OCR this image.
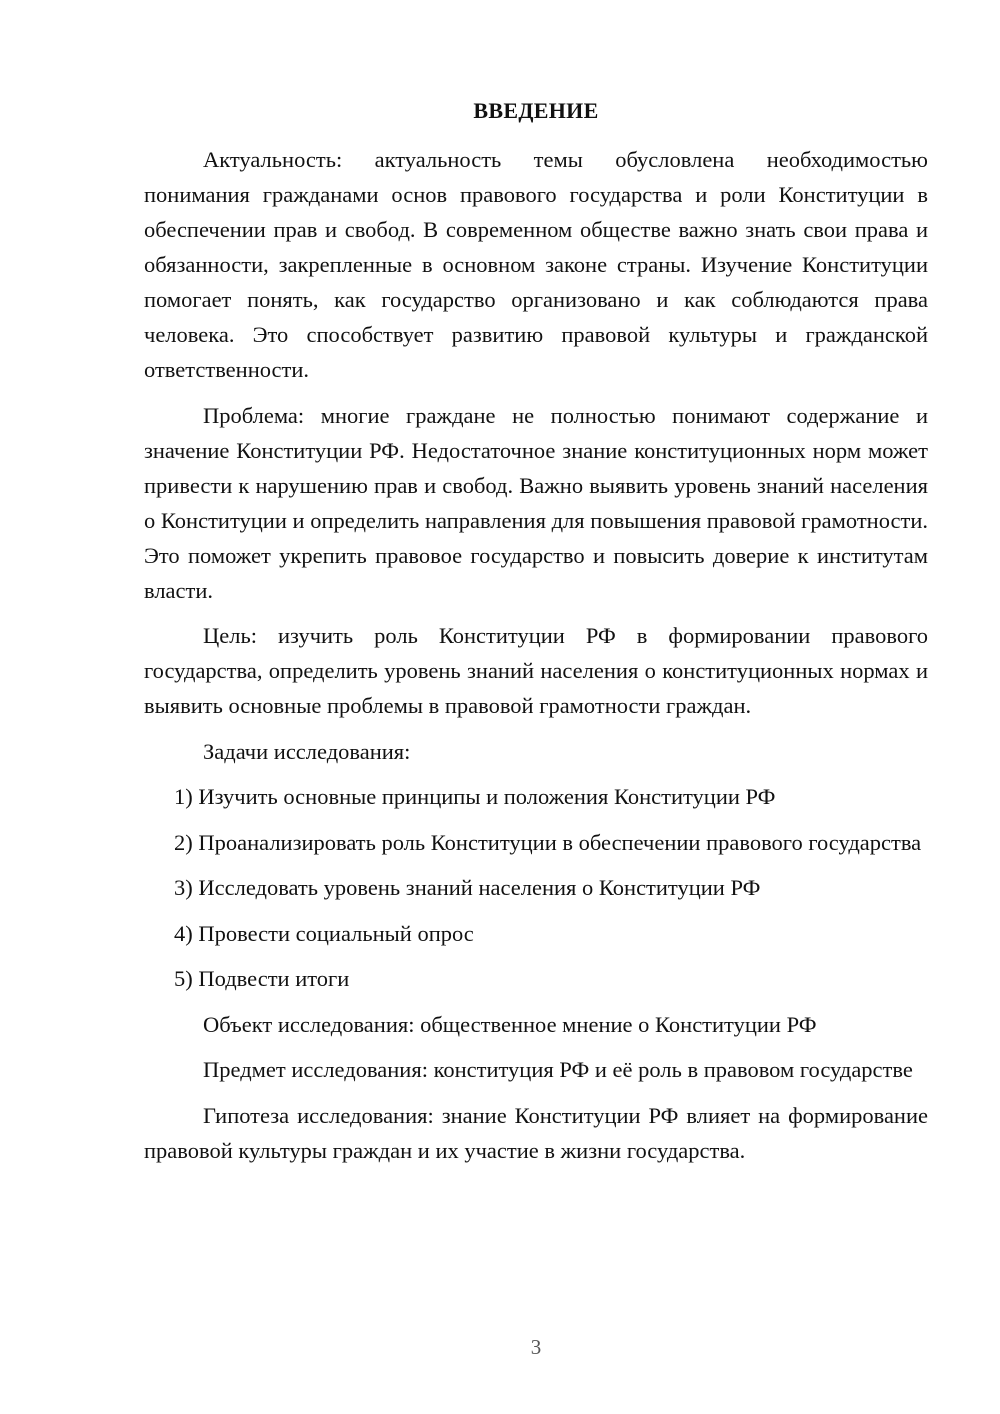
ВВЕДЕНИЕ

Актуальность: актуальность темы обусловлена необходимостью понимания гражданами основ правового государства и роли Конституции в обеспечении прав и свобод. В современном обществе важно знать свои права и обязанности, закрепленные в основном законе страны. Изучение Конституции помогает понять, как государство организовано и как соблюдаются права человека. Это способствует развитию правовой культуры и гражданской ответственности.

Проблема: многие граждане не полностью понимают содержание и значение Конституции РФ. Недостаточное знание конституционных норм может привести к нарушению прав и свобод. Важно выявить уровень знаний населения о Конституции и определить направления для повышения правовой грамотности. Это поможет укрепить правовое государство и повысить доверие к институтам власти.

Цель: изучить роль Конституции РФ в формировании правового государства, определить уровень знаний населения о конституционных нормах и выявить основные проблемы в правовой грамотности граждан.

Задачи исследования:

1) Изучить основные принципы и положения Конституции РФ

2) Проанализировать роль Конституции в обеспечении правового государства

3) Исследовать уровень знаний населения о Конституции РФ

4) Провести социальный опрос

5) Подвести итоги

Объект исследования: общественное мнение о Конституции РФ

Предмет исследования: конституция РФ и её роль в правовом государстве

Гипотеза исследования: знание Конституции РФ влияет на формирование правовой культуры граждан и их участие в жизни государства.

3
